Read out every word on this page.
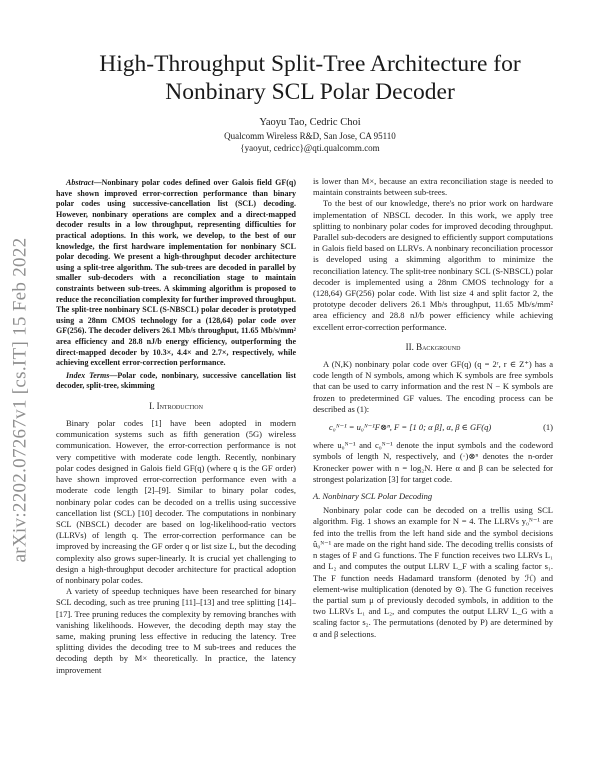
arXiv:2202.07267v1 [cs.IT] 15 Feb 2022
High-Throughput Split-Tree Architecture for
Nonbinary SCL Polar Decoder
Yaoyu Tao, Cedric Choi
Qualcomm Wireless R&D, San Jose, CA 95110
{yaoyut, cedricc}@qti.qualcomm.com

Abstract—Nonbinary polar codes defined over Galois field GF(q) have shown improved error-correction performance than binary polar codes using successive-cancellation list (SCL) decoding. However, nonbinary operations are complex and a direct-mapped decoder results in a low throughput, representing difficulties for practical adoptions. In this work, we develop, to the best of our knowledge, the first hardware implementation for nonbinary SCL polar decoding. We present a high-throughput decoder architecture using a split-tree algorithm. The sub-trees are decoded in parallel by smaller sub-decoders with a reconciliation stage to maintain constraints between sub-trees. A skimming algorithm is proposed to reduce the reconciliation complexity for further improved throughput. The split-tree nonbinary SCL (S-NBSCL) polar decoder is prototyped using a 28nm CMOS technology for a (128,64) polar code over GF(256). The decoder delivers 26.1 Mb/s throughput, 11.65 Mb/s/mm² area efficiency and 28.8 nJ/b energy efficiency, outperforming the direct-mapped decoder by 10.3×, 4.4× and 2.7×, respectively, while achieving excellent error-correction performance.

Index Terms—Polar code, nonbinary, successive cancellation list decoder, split-tree, skimming

I. Introduction

Binary polar codes [1] have been adopted in modern communication systems such as fifth generation (5G) wireless communication. However, the error-correction performance is not very competitive with moderate code length. Recently, nonbinary polar codes designed in Galois field GF(q) (where q is the GF order) have shown improved error-correction performance even with a moderate code length [2]–[9]. Similar to binary polar codes, nonbinary polar codes can be decoded on a trellis using successive cancellation list (SCL) [10] decoder. The computations in nonbinary SCL (NBSCL) decoder are based on log-likelihood-ratio vectors (LLRVs) of length q. The error-correction performance can be improved by increasing the GF order q or list size L, but the decoding complexity also grows super-linearly. It is crucial yet challenging to design a high-throughput decoder architecture for practical adoption of nonbinary polar codes.

A variety of speedup techniques have been researched for binary SCL decoding, such as tree pruning [11]–[13] and tree splitting [14]–[17]. Tree pruning reduces the complexity by removing branches with vanishing likelihoods. However, the decoding depth may stay the same, making pruning less effective in reducing the latency. Tree splitting divides the decoding tree to M sub-trees and reduces the decoding depth by M× theoretically. In practice, the latency improvement

is lower than M×, because an extra reconciliation stage is needed to maintain constraints between sub-trees.

To the best of our knowledge, there's no prior work on hardware implementation of NBSCL decoder. In this work, we apply tree splitting to nonbinary polar codes for improved decoding throughput. Parallel sub-decoders are designed to efficiently support computations in Galois field based on LLRVs. A nonbinary reconciliation processor is developed using a skimming algorithm to minimize the reconciliation latency. The split-tree nonbinary SCL (S-NBSCL) polar decoder is implemented using a 28nm CMOS technology for a (128,64) GF(256) polar code. With list size 4 and split factor 2, the prototype decoder delivers 26.1 Mb/s throughput, 11.65 Mb/s/mm² area efficiency and 28.8 nJ/b power efficiency while achieving excellent error-correction performance.

II. Background

A (N,K) nonbinary polar code over GF(q) (q = 2ʳ, r ∈ Z⁺) has a code length of N symbols, among which K symbols are free symbols that can be used to carry information and the rest N − K symbols are frozen to predetermined GF values. The encoding process can be described as (1):

c₀ᴺ⁻¹ = u₀ᴺ⁻¹F⊗ⁿ, F = [1 0; α β], α, β ∈ GF(q)	(1)

where u₀ᴺ⁻¹ and c₀ᴺ⁻¹ denote the input symbols and the codeword symbols of length N, respectively, and (·)⊗ⁿ denotes the n-order Kronecker power with n = log₂N. Here α and β can be selected for strongest polarization [3] for target code.

A. Nonbinary SCL Polar Decoding

Nonbinary polar code can be decoded on a trellis using SCL algorithm. Fig. 1 shows an example for N = 4. The LLRVs y₀ᴺ⁻¹ are fed into the trellis from the left hand side and the symbol decisions û₀ᴺ⁻¹ are made on the right hand side. The decoding trellis consists of n stages of F and G functions. The F function receives two LLRVs L₁ and L₂ and computes the output LLRV L_F with a scaling factor s₁. The F function needs Hadamard transform (denoted by ℋ) and element-wise multiplication (denoted by ⊙). The G function receives the partial sum μ of previously decoded symbols, in addition to the two LLRVs L₁ and L₂, and computes the output LLRV L_G with a scaling factor s₂. The permutations (denoted by P) are determined by α and β selections.
